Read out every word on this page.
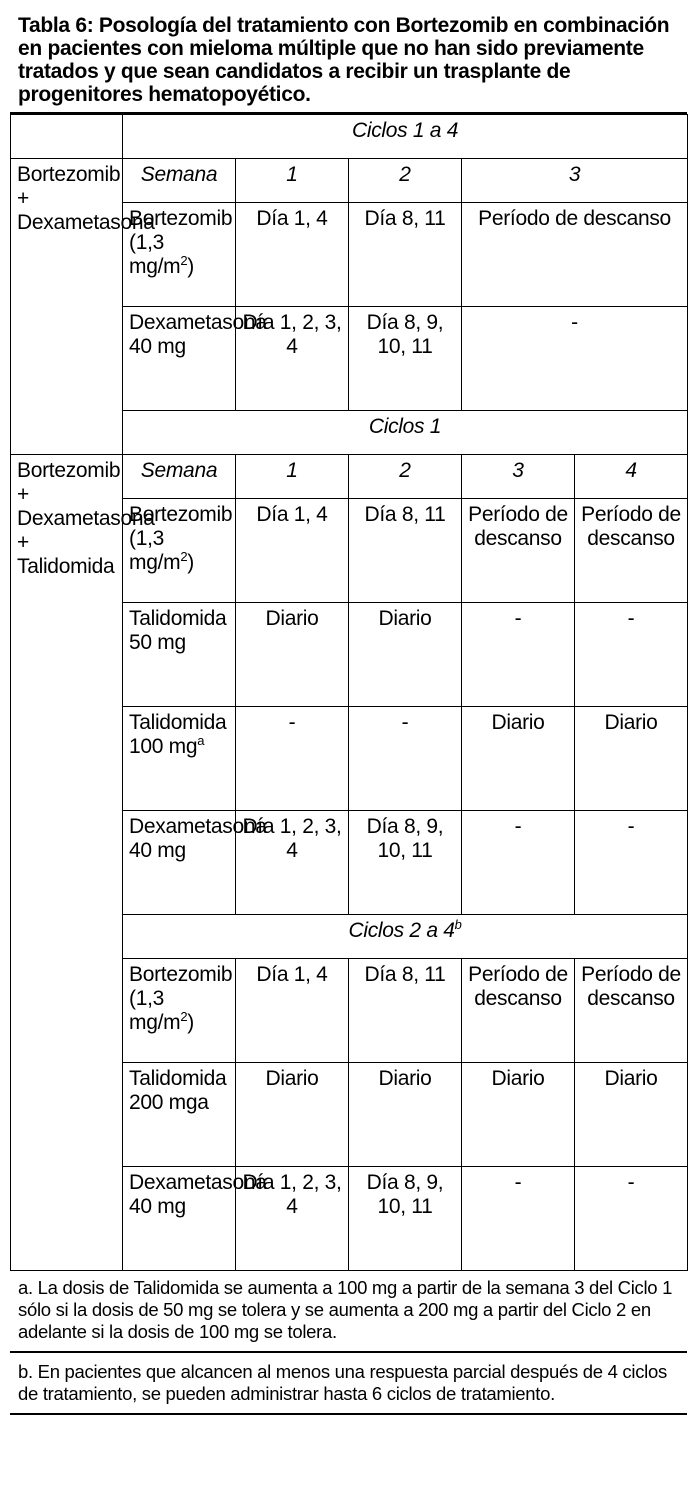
Tabla 6: Posología del tratamiento con Bortezomib en combinación en pacientes con mieloma múltiple que no han sido previamente tratados y que sean candidatos a recibir un trasplante de progenitores hematopoyético.
	Ciclos 1 a 4				
Bortezomib + Dexametasona	Semana	1	2	3	
	Bortezomib (1,3 $mg/m^2$)	Día 1, 4	Día 8, 11	Período de descanso	
	Dexametasona 40 mg	Día 1, 2, 3, 4	Día 8, 9, 10, 11	-	
	Ciclos 1				
Bortezomib + Dexametasona + Talidomida	Semana	1	2	3	4
	Bortezomib (1,3 $mg/m^2$)	Día 1, 4	Día 8, 11	Período de descanso	Período de descanso
	Talidomida 50 mg	Diario	Diario	-	-
	Talidomida 100 $mg^a$	-	-	Diario	Diario
	Dexametasona 40 mg	Día 1, 2, 3, 4	Día 8, 9, 10, 11	-	-
	Ciclos 2 a 4$^b$
	Bortezomib (1,3 $mg/m^2$)	Día 1, 4	Día 8, 11	Período de descanso	Período de descanso
	Talidomida 200 mga	Diario	Diario	Diario	Diario
	Dexametasona 40 mg	Día 1, 2, 3, 4	Día 8, 9, 10, 11	-	-
a. La dosis de Talidomida se aumenta a 100 mg a partir de la semana 3 del Ciclo 1 sólo si la dosis de 50 mg se tolera y se aumenta a 200 mg a partir del Ciclo 2 en adelante si la dosis de 100 mg se tolera.
b. En pacientes que alcancen al menos una respuesta parcial después de 4 ciclos de tratamiento, se pueden administrar hasta 6 ciclos de tratamiento.
